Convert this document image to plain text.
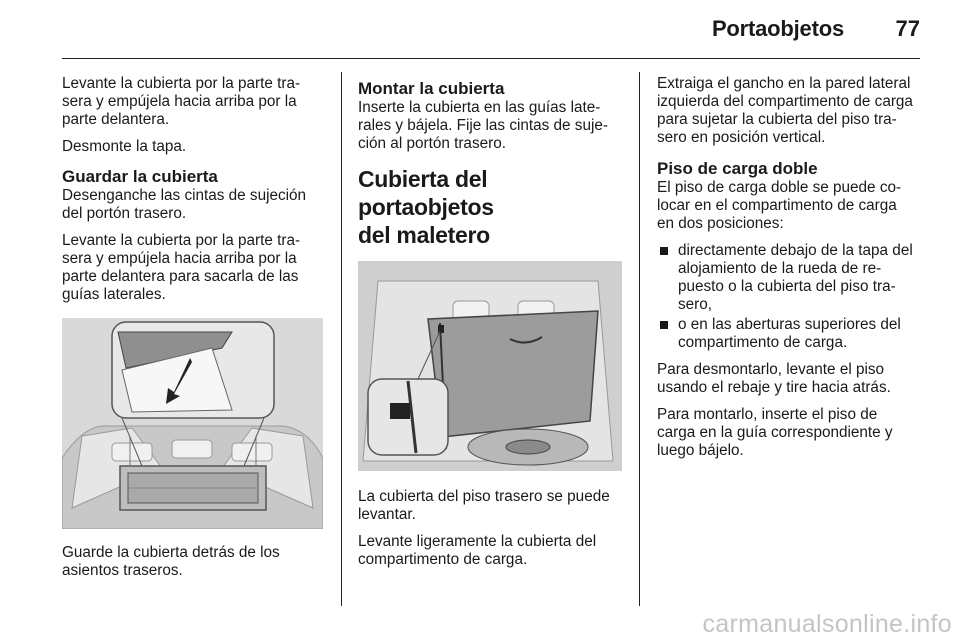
Portaobjetos	77

Levante la cubierta por la parte tra-
sera y empújela hacia arriba por la
parte delantera.

Desmonte la tapa.

Guardar la cubierta

Desenganche las cintas de sujeción
del portón trasero.

Levante la cubierta por la parte tra-
sera y empújela hacia arriba por la
parte delantera para sacarla de las
guías laterales.

Guarde la cubierta detrás de los
asientos traseros.

Montar la cubierta

Inserte la cubierta en las guías late-
rales y bájela. Fije las cintas de suje-
ción al portón trasero.

Cubierta del portaobjetos
del maletero

La cubierta del piso trasero se puede
levantar.

Levante ligeramente la cubierta del
compartimento de carga.

Extraiga el gancho en la pared lateral
izquierda del compartimento de carga
para sujetar la cubierta del piso tra-
sero en posición vertical.

Piso de carga doble

El piso de carga doble se puede co-
locar en el compartimento de carga
en dos posiciones:

directamente debajo de la tapa del
alojamiento de la rueda de re-
puesto o la cubierta del piso tra-
sero,
o en las aberturas superiores del
compartimento de carga.

Para desmontarlo, levante el piso
usando el rebaje y tire hacia atrás.

Para montarlo, inserte el piso de
carga en la guía correspondiente y
luego bájelo.

carmanualsonline.info
